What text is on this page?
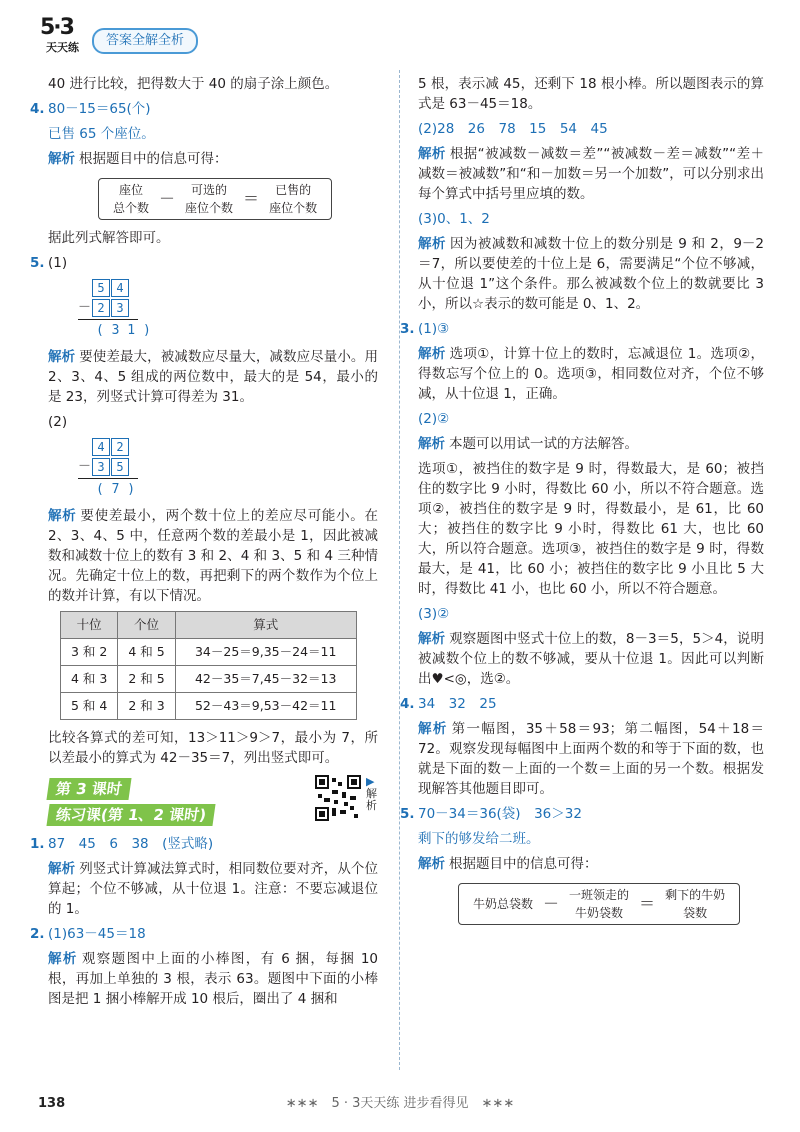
5·3
天天练	答案全解全析

40 进行比较，把得数大于 40 的扇子涂上颜色。

4. 80－15＝65(个)

已售 65 个座位。

解析 根据题目中的信息可得：

座位
总个数 －	可选的
座位个数 ＝	已售的
座位个数

据此列式解答即可。

5. (1)

5 4
－ 2 3
( 3 1 )

解析 要使差最大，被减数应尽量大，减数应尽量小。用 2、3、4、5 组成的两位数中，最大的是 54，最小的是 23，列竖式计算可得差为 31。

(2)

4 2
－ 3 5
( 7 )

解析 要使差最小，两个数十位上的差应尽可能小。在 2、3、4、5 中，任意两个数的差最小是 1，因此被减数和减数十位上的数有 3 和 2、4 和 3、5 和 4 三种情况。先确定十位上的数，再把剩下的两个数作为个位上的数并计算，有以下情况。

十位	个位	算式
3 和 2	4 和 5	34－25＝9,35－24＝11
4 和 3	2 和 5	42－35＝7,45－32＝13
5 和 4	2 和 3	52－43＝9,53－42＝11

比较各算式的差可知，13＞11＞9＞7，最小为 7，所以差最小的算式为 42－35＝7，列出竖式即可。

第 3 课时
练习课(第 1、2 课时)
▶解析

1. 87　45　6　38　(竖式略)

解析 列竖式计算减法算式时，相同数位要对齐，从个位算起；个位不够减，从十位退 1。注意：不要忘减退位的 1。

2. (1)63－45＝18

解析 观察题图中上面的小棒图，有 6 捆，每捆 10 根，再加上单独的 3 根，表示 63。题图中下面的小棒图是把 1 捆小棒解开成 10 根后，圈出了 4 捆和

5 根，表示减 45，还剩下 18 根小棒。所以题图表示的算式是 63－45＝18。

(2)28　26　78　15　54　45

解析 根据“被减数－减数＝差”“被减数－差＝减数”“差＋减数＝被减数”和“和－加数＝另一个加数”，可以分别求出每个算式中括号里应填的数。

(3)0、1、2

解析 因为被减数和减数十位上的数分别是 9 和 2，9－2＝7，所以要使差的十位上是 6，需要满足“个位不够减，从十位退 1”这个条件。那么被减数个位上的数就要比 3 小，所以☆表示的数可能是 0、1、2。

3. (1)③

解析 选项①，计算十位上的数时，忘减退位 1。选项②，得数忘写个位上的 0。选项③，相同数位对齐，个位不够减，从十位退 1，正确。

(2)②

解析 本题可以用试一试的方法解答。

选项①，被挡住的数字是 9 时，得数最大，是 60；被挡住的数字比 9 小时，得数比 60 小，所以不符合题意。选项②，被挡住的数字是 9 时，得数最小，是 61，比 60 大；被挡住的数字比 9 小时，得数比 61 大，也比 60 大，所以符合题意。选项③，被挡住的数字是 9 时，得数最大，是 41，比 60 小；被挡住的数字比 9 小且比 5 大时，得数比 41 小，也比 60 小，所以不符合题意。

(3)②

解析 观察题图中竖式十位上的数，8－3＝5，5＞4，说明被减数个位上的数不够减，要从十位退 1。因此可以判断出♥<◎，选②。

4. 34　32　25

解析 第一幅图，35＋58＝93；第二幅图，54＋18＝72。观察发现每幅图中上面两个数的和等于下面的数，也就是下面的数－上面的一个数＝上面的另一个数。根据发现解答其他题目即可。

5. 70－34＝36(袋)　36＞32

剩下的够发给二班。

解析 根据题目中的信息可得：

牛奶总袋数 － 一班领走的
牛奶袋数	＝ 剩下的牛奶
袋数
∗∗∗　5 · 3天天练 进步看得见　∗∗∗
138
